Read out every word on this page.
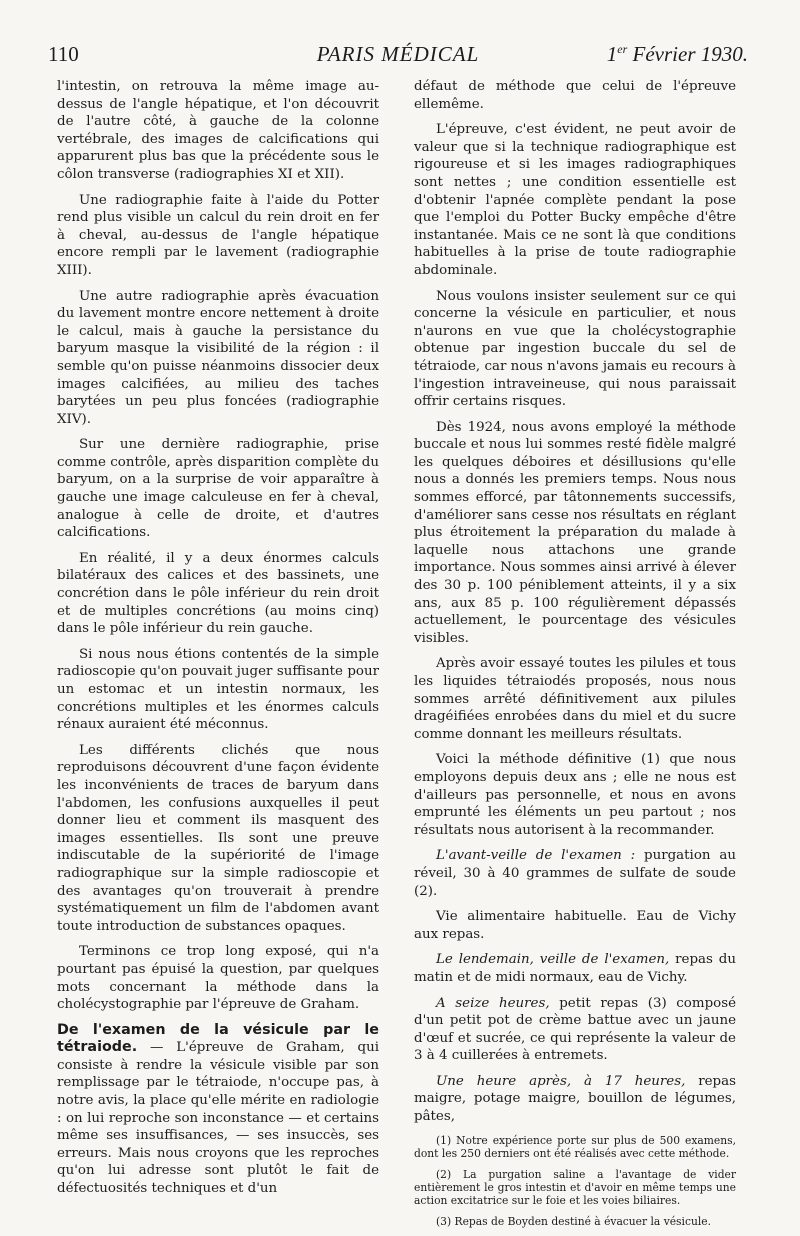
110	PARIS MÉDICAL	1er Février 1930.

l'intestin, on retrouva la même image au-dessus de l'angle hépatique, et l'on découvrit de l'autre côté, à gauche de la colonne vertébrale, des images de calcifications qui apparurent plus bas que la précédente sous le côlon transverse (radiographies XI et XII).

Une radiographie faite à l'aide du Potter rend plus visible un calcul du rein droit en fer à cheval, au-dessus de l'angle hépatique encore rempli par le lavement (radiographie XIII).

Une autre radiographie après évacuation du lavement montre encore nettement à droite le calcul, mais à gauche la persistance du baryum masque la visibilité de la région : il semble qu'on puisse néanmoins dissocier deux images calcifiées, au milieu des taches barytées un peu plus foncées (radiographie XIV).

Sur une dernière radiographie, prise comme contrôle, après disparition complète du baryum, on a la surprise de voir apparaître à gauche une image calculeuse en fer à cheval, analogue à celle de droite, et d'autres calcifications.

En réalité, il y a deux énormes calculs bilatéraux des calices et des bassinets, une concrétion dans le pôle inférieur du rein droit et de multiples concrétions (au moins cinq) dans le pôle inférieur du rein gauche.

Si nous nous étions contentés de la simple radioscopie qu'on pouvait juger suffisante pour un estomac et un intestin normaux, les concrétions multiples et les énormes calculs rénaux auraient été méconnus.

Les différents clichés que nous reproduisons découvrent d'une façon évidente les inconvénients de traces de baryum dans l'abdomen, les confusions auxquelles il peut donner lieu et comment ils masquent des images essentielles. Ils sont une preuve indiscutable de la supériorité de l'image radiographique sur la simple radioscopie et des avantages qu'on trouverait à prendre systématiquement un film de l'abdomen avant toute introduction de substances opaques.

Terminons ce trop long exposé, qui n'a pourtant pas épuisé la question, par quelques mots concernant la méthode dans la cholécystographie par l'épreuve de Graham.

De l'examen de la vésicule par le tétraiode. — L'épreuve de Graham, qui consiste à rendre la vésicule visible par son remplissage par le tétraiode, n'occupe pas, à notre avis, la place qu'elle mérite en radiologie : on lui reproche son inconstance — et certains même ses insuffisances, — ses insuccès, ses erreurs. Mais nous croyons que les reproches qu'on lui adresse sont plutôt le fait de défectuosités techniques et d'un

défaut de méthode que celui de l'épreuve ellemême.

L'épreuve, c'est évident, ne peut avoir de valeur que si la technique radiographique est rigoureuse et si les images radiographiques sont nettes ; une condition essentielle est d'obtenir l'apnée complète pendant la pose que l'emploi du Potter Bucky empêche d'être instantanée. Mais ce ne sont là que conditions habituelles à la prise de toute radiographie abdominale.

Nous voulons insister seulement sur ce qui concerne la vésicule en particulier, et nous n'aurons en vue que la cholécystographie obtenue par ingestion buccale du sel de tétraiode, car nous n'avons jamais eu recours à l'ingestion intraveineuse, qui nous paraissait offrir certains risques.

Dès 1924, nous avons employé la méthode buccale et nous lui sommes resté fidèle malgré les quelques déboires et désillusions qu'elle nous a donnés les premiers temps. Nous nous sommes efforcé, par tâtonnements successifs, d'améliorer sans cesse nos résultats en réglant plus étroitement la préparation du malade à laquelle nous attachons une grande importance. Nous sommes ainsi arrivé à élever des 30 p. 100 péniblement atteints, il y a six ans, aux 85 p. 100 régulièrement dépassés actuellement, le pourcentage des vésicules visibles.

Après avoir essayé toutes les pilules et tous les liquides tétraiodés proposés, nous nous sommes arrêté définitivement aux pilules dragéifiées enrobées dans du miel et du sucre comme donnant les meilleurs résultats.

Voici la méthode définitive (1) que nous employons depuis deux ans ; elle ne nous est d'ailleurs pas personnelle, et nous en avons emprunté les éléments un peu partout ; nos résultats nous autorisent à la recommander.

L'avant-veille de l'examen : purgation au réveil, 30 à 40 grammes de sulfate de soude (2).

Vie alimentaire habituelle. Eau de Vichy aux repas.

Le lendemain, veille de l'examen, repas du matin et de midi normaux, eau de Vichy.

A seize heures, petit repas (3) composé d'un petit pot de crème battue avec un jaune d'œuf et sucrée, ce qui représente la valeur de 3 à 4 cuillerées à entremets.

Une heure après, à 17 heures, repas maigre, potage maigre, bouillon de légumes, pâtes,

(1) Notre expérience porte sur plus de 500 examens, dont les 250 derniers ont été réalisés avec cette méthode.

(2) La purgation saline a l'avantage de vider entièrement le gros intestin et d'avoir en même temps une action excitatrice sur le foie et les voies biliaires.

(3) Repas de Boyden destiné à évacuer la vésicule.
